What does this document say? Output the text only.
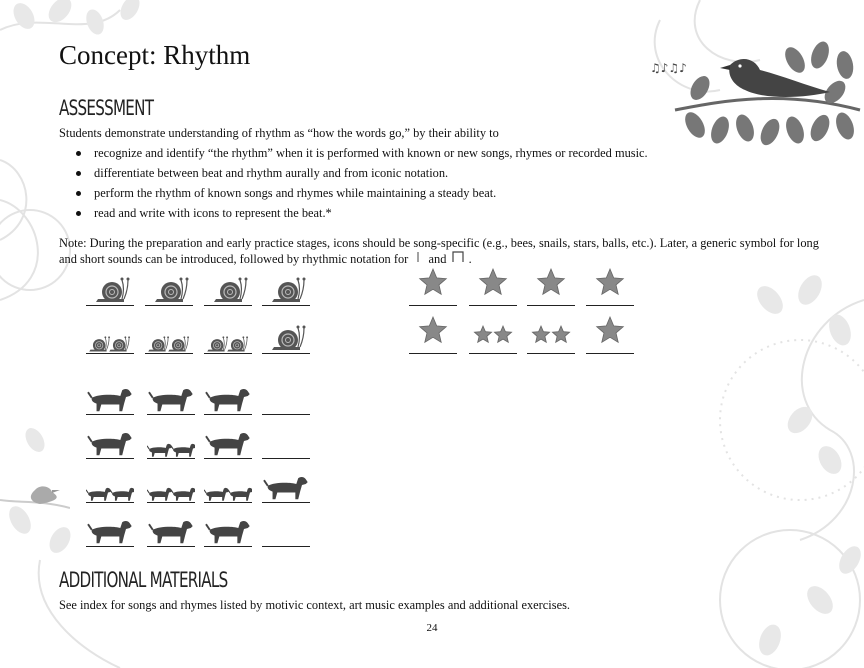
♫♪♫♪
Concept: Rhythm
ASSESSMENT

Students demonstrate understanding of rhythm as “how the words go,” by their ability to

recognize and identify “the rhythm” when it is performed with known or new songs, rhymes or recorded music.
differentiate between beat and rhythm aurally and from iconic notation.
perform the rhythm of known songs and rhymes while maintaining a steady beat.
read and write with icons to represent the beat.*
Note: During the preparation and early practice stages, icons should be song-specific (e.g., bees, snails, stars, balls, etc.). Later, a generic symbol for long
and short sounds can be introduced, followed by rhythmic notation for and .
ADDITIONAL MATERIALS

See index for songs and rhymes listed by motivic context, art music examples and additional exercises.

24
